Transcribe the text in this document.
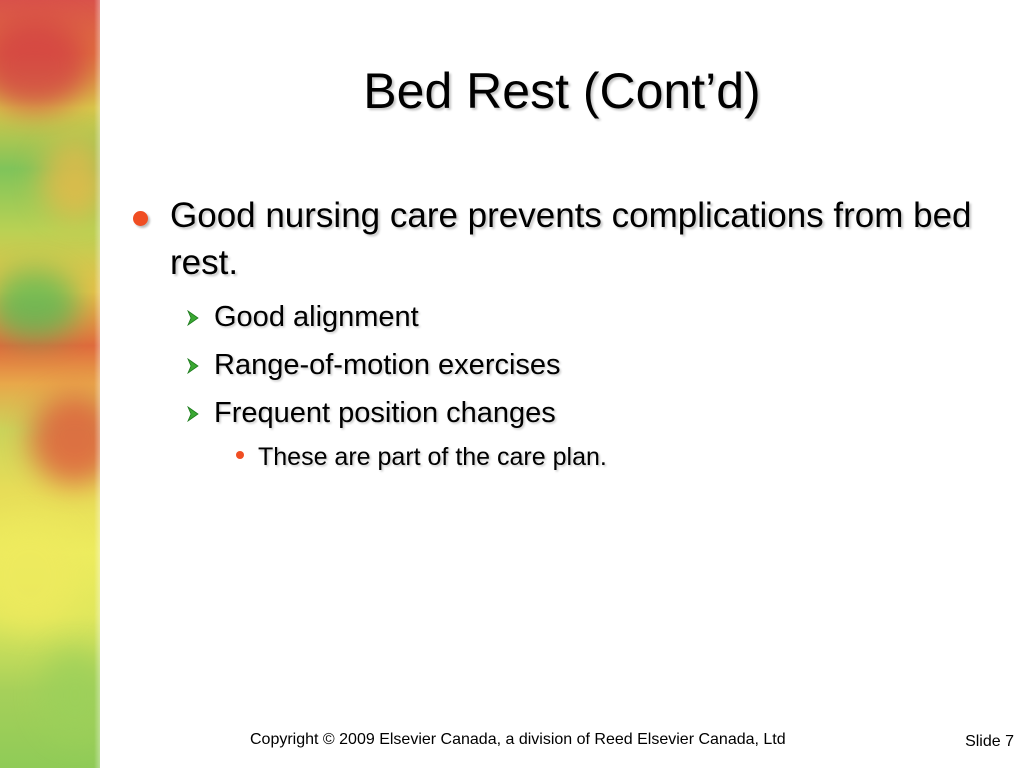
Bed Rest (Cont’d)
Good nursing care prevents complications from bed rest.
Good alignment
Range-of-motion exercises
Frequent position changes
These are part of the care plan.
Copyright © 2009 Elsevier Canada, a division of Reed Elsevier Canada, Ltd	Slide 7
